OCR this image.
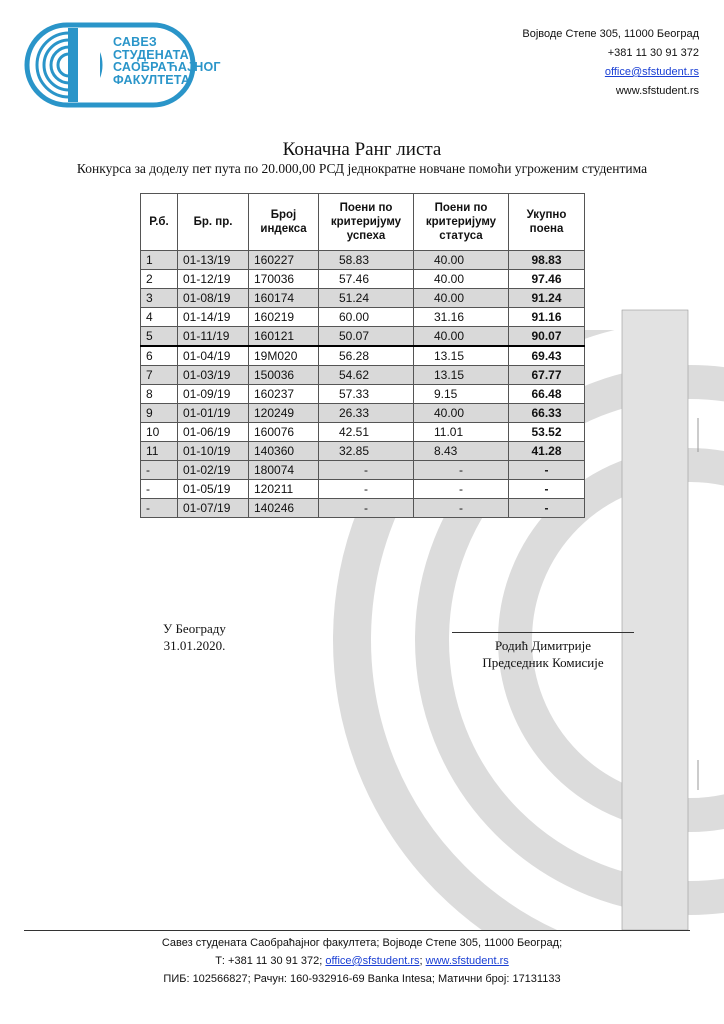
САВЕЗ
СТУДЕНАТА
САОБРАЋАЈНОГ
ФАКУЛТЕТА
Војводе Степе 305, 11000 Београд
+381 11 30 91 372
office@sfstudent.rs
www.sfstudent.rs
Коначна Ранг листа
Конкурса за доделу пет пута по 20.000,00 РСД једнократне новчане помоћи угроженим студентима
Р.б.	Бр. пр.	Број индекса	Поени по критеријуму успеха	Поени по критеријуму статуса	Укупно поена
1	01-13/19	160227	58.83	40.00	98.83
2	01-12/19	170036	57.46	40.00	97.46
3	01-08/19	160174	51.24	40.00	91.24
4	01-14/19	160219	60.00	31.16	91.16
5	01-11/19	160121	50.07	40.00	90.07
6	01-04/19	19M020	56.28	13.15	69.43
7	01-03/19	150036	54.62	13.15	67.77
8	01-09/19	160237	57.33	9.15	66.48
9	01-01/19	120249	26.33	40.00	66.33
10	01-06/19	160076	42.51	11.01	53.52
11	01-10/19	140360	32.85	8.43	41.28
-	01-02/19	180074	-	-	-
-	01-05/19	120211	-	-	-
-	01-07/19	140246	-	-	-
У Београду
31.01.2020.	Родић Димитрије
Председник Комисије
Савез студената Саобраћајног факултета; Војводе Степе 305, 11000 Београд;
Т: +381 11 30 91 372; office@sfstudent.rs; www.sfstudent.rs
ПИБ: 102566827; Рачун: 160-932916-69 Banka Intesa; Матични број: 17131133
